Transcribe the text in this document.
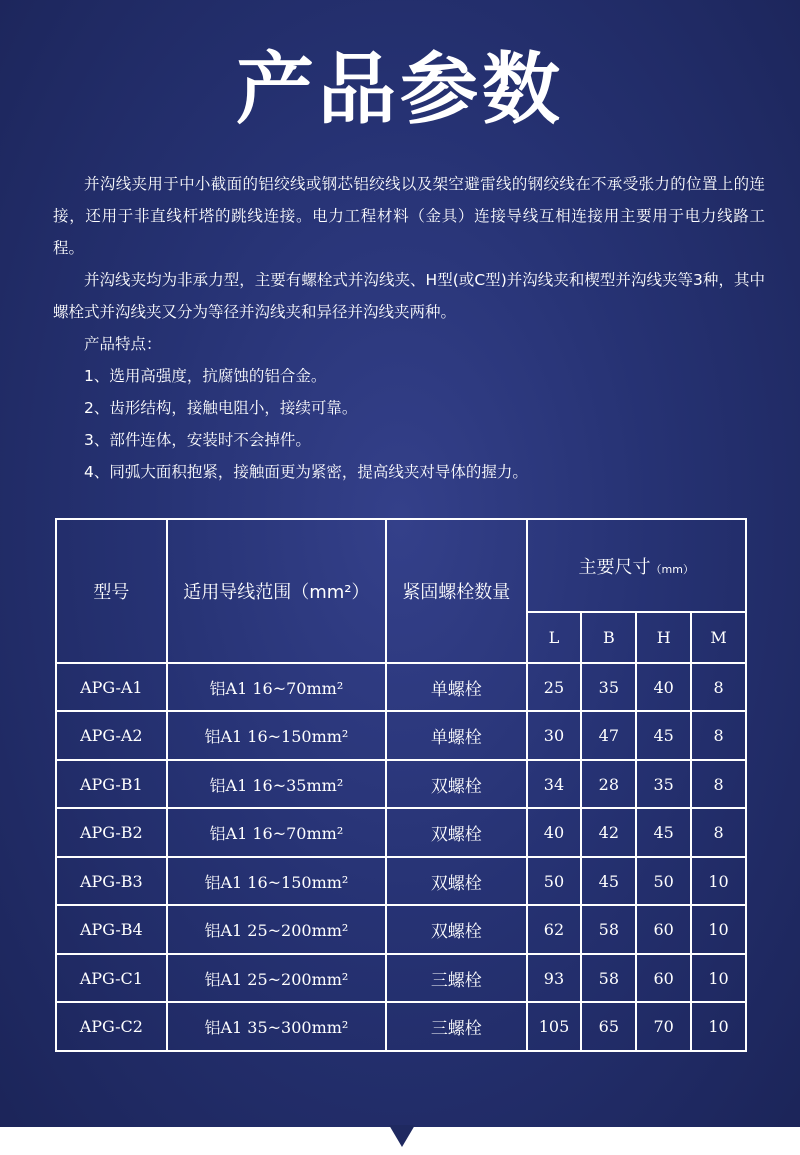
产品参数

并沟线夹用于中小截面的铝绞线或钢芯铝绞线以及架空避雷线的钢绞线在不承受张力的位置上的连接，还用于非直线杆塔的跳线连接。电力工程材料（金具）连接导线互相连接用主要用于电力线路工程。

并沟线夹均为非承力型，主要有螺栓式并沟线夹、H型(或C型)并沟线夹和楔型并沟线夹等3种，其中螺栓式并沟线夹又分为等径并沟线夹和异径并沟线夹两种。

产品特点：
1、选用高强度，抗腐蚀的铝合金。
2、齿形结构，接触电阻小，接续可靠。
3、部件连体，安装时不会掉件。
4、同弧大面积抱紧，接触面更为紧密，提高线夹对导体的握力。
型号	适用导线范围（mm²）	紧固螺栓数量	主要尺寸（mm）			
			L	B	H	M
APG-A1	铝A1 16~70mm²	单螺栓	25	35	40	8
APG-A2	铝A1 16~150mm²	单螺栓	30	47	45	8
APG-B1	铝A1 16~35mm²	双螺栓	34	28	35	8
APG-B2	铝A1 16~70mm²	双螺栓	40	42	45	8
APG-B3	铝A1 16~150mm²	双螺栓	50	45	50	10
APG-B4	铝A1 25~200mm²	双螺栓	62	58	60	10
APG-C1	铝A1 25~200mm²	三螺栓	93	58	60	10
APG-C2	铝A1 35~300mm²	三螺栓	105	65	70	10
